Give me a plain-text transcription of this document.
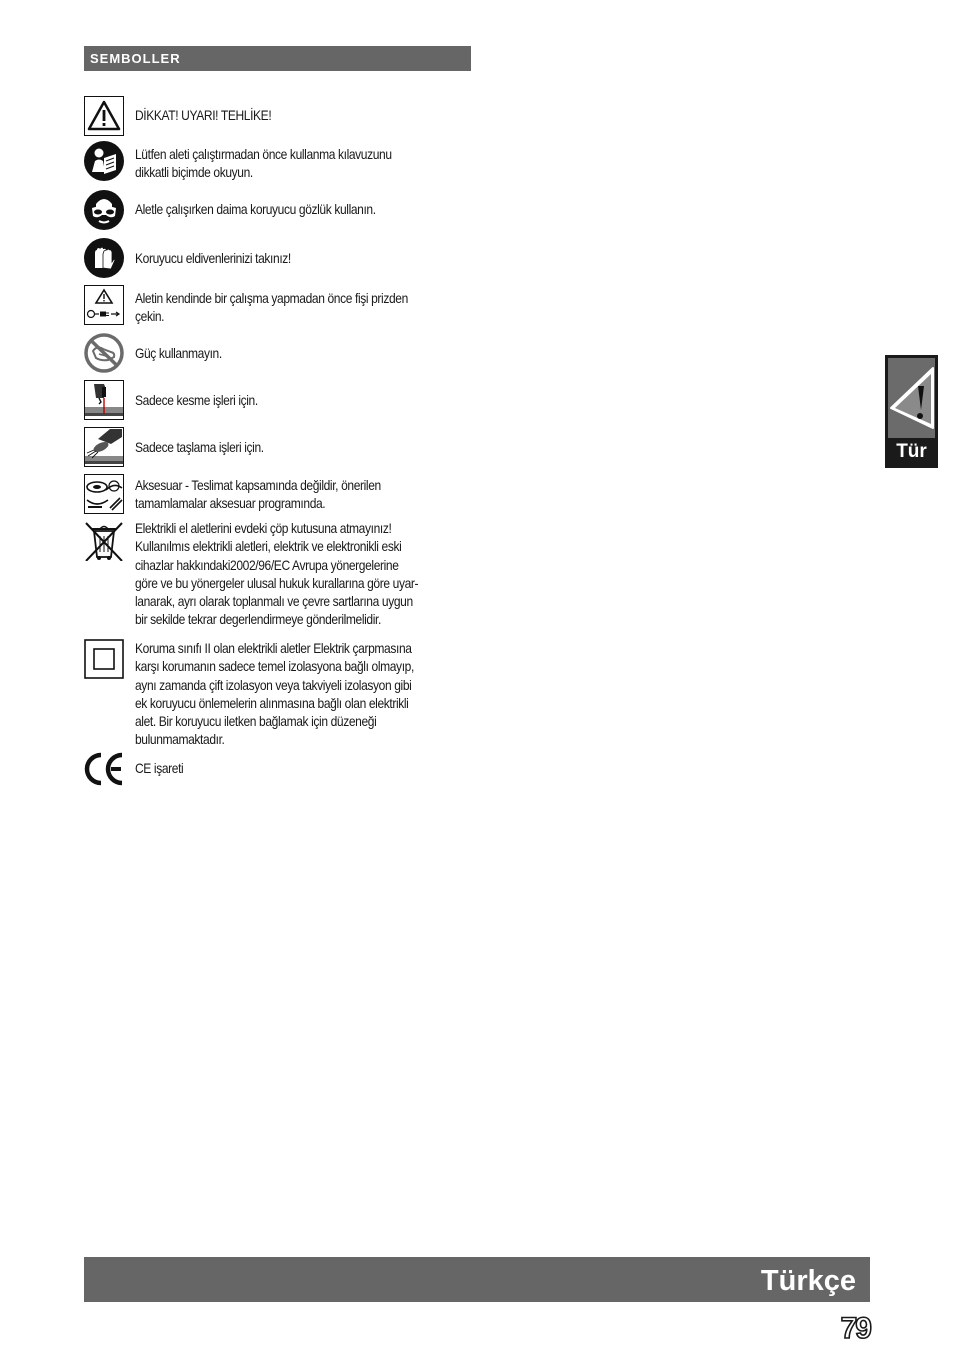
SEMBOLLER
DİKKAT! UYARI! TEHLİKE!
Lütfen aleti çalıştırmadan önce kullanma kılavuzunu
dikkatli biçimde okuyun.
Aletle çalışırken daima koruyucu gözlük kullanın.
Koruyucu eldivenlerinizi takınız!
Aletin kendinde bir çalışma yapmadan önce fişi prizden
çekin.
Güç kullanmayın.
Sadece kesme işleri için.
Sadece taşlama işleri için.
Aksesuar - Teslimat kapsamında değildir, önerilen
tamamlamalar aksesuar programında.
Elektrikli el aletlerini evdeki çöp kutusuna atmayınız!
Kullanılmıs elektrikli aletleri, elektrik ve elektronikli eski
cihazlar hakkındaki2002/96/EC Avrupa yönergelerine
göre ve bu yönergeler ulusal hukuk kurallarına göre uyar-
lanarak, ayrı olarak toplanmalı ve çevre sartlarına uygun
bir sekilde tekrar degerlendirmeye gönderilmelidir.
Koruma sınıfı II olan elektrikli aletler Elektrik çarpmasına
karşı korumanın sadece temel izolasyona bağlı olmayıp,
aynı zamanda çift izolasyon veya takviyeli izolasyon gibi
ek koruyucu önlemelerin alınmasına bağlı olan elektrikli
alet. Bir koruyucu iletken bağlamak için düzeneği
bulunmamaktadır.
CE işareti
Tür
Türkçe
79
